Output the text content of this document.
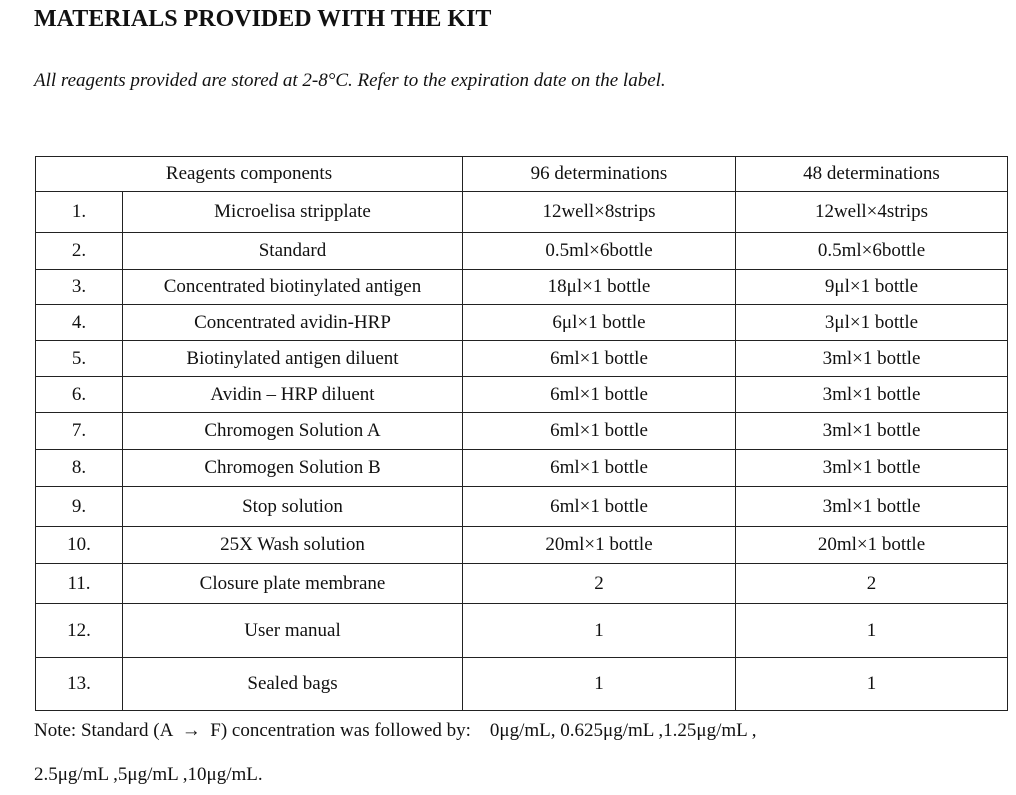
MATERIALS PROVIDED WITH THE KIT
All reagents provided are stored at 2-8°C. Refer to the expiration date on the label.
Reagents components		96 determinations	48 determinations
1.	Microelisa stripplate	12well×8strips	12well×4strips
2.	Standard	0.5ml×6bottle	0.5ml×6bottle
3.	Concentrated biotinylated antigen	18μl×1 bottle	9μl×1 bottle
4.	Concentrated avidin-HRP	6μl×1 bottle	3μl×1 bottle
5.	Biotinylated antigen diluent	6ml×1 bottle	3ml×1 bottle
6.	Avidin – HRP diluent	6ml×1 bottle	3ml×1 bottle
7.	Chromogen Solution A	6ml×1 bottle	3ml×1 bottle
8.	Chromogen Solution B	6ml×1 bottle	3ml×1 bottle
9.	Stop solution	6ml×1 bottle	3ml×1 bottle
10.	25X Wash solution	20ml×1 bottle	20ml×1 bottle
11.	Closure plate membrane	2	2
12.	User manual	1	1
13.	Sealed bags	1	1
Note: Standard (A  →  F) concentration was followed by:    0μg/mL, 0.625μg/mL ,1.25μg/mL ,
2.5μg/mL ,5μg/mL ,10μg/mL.
